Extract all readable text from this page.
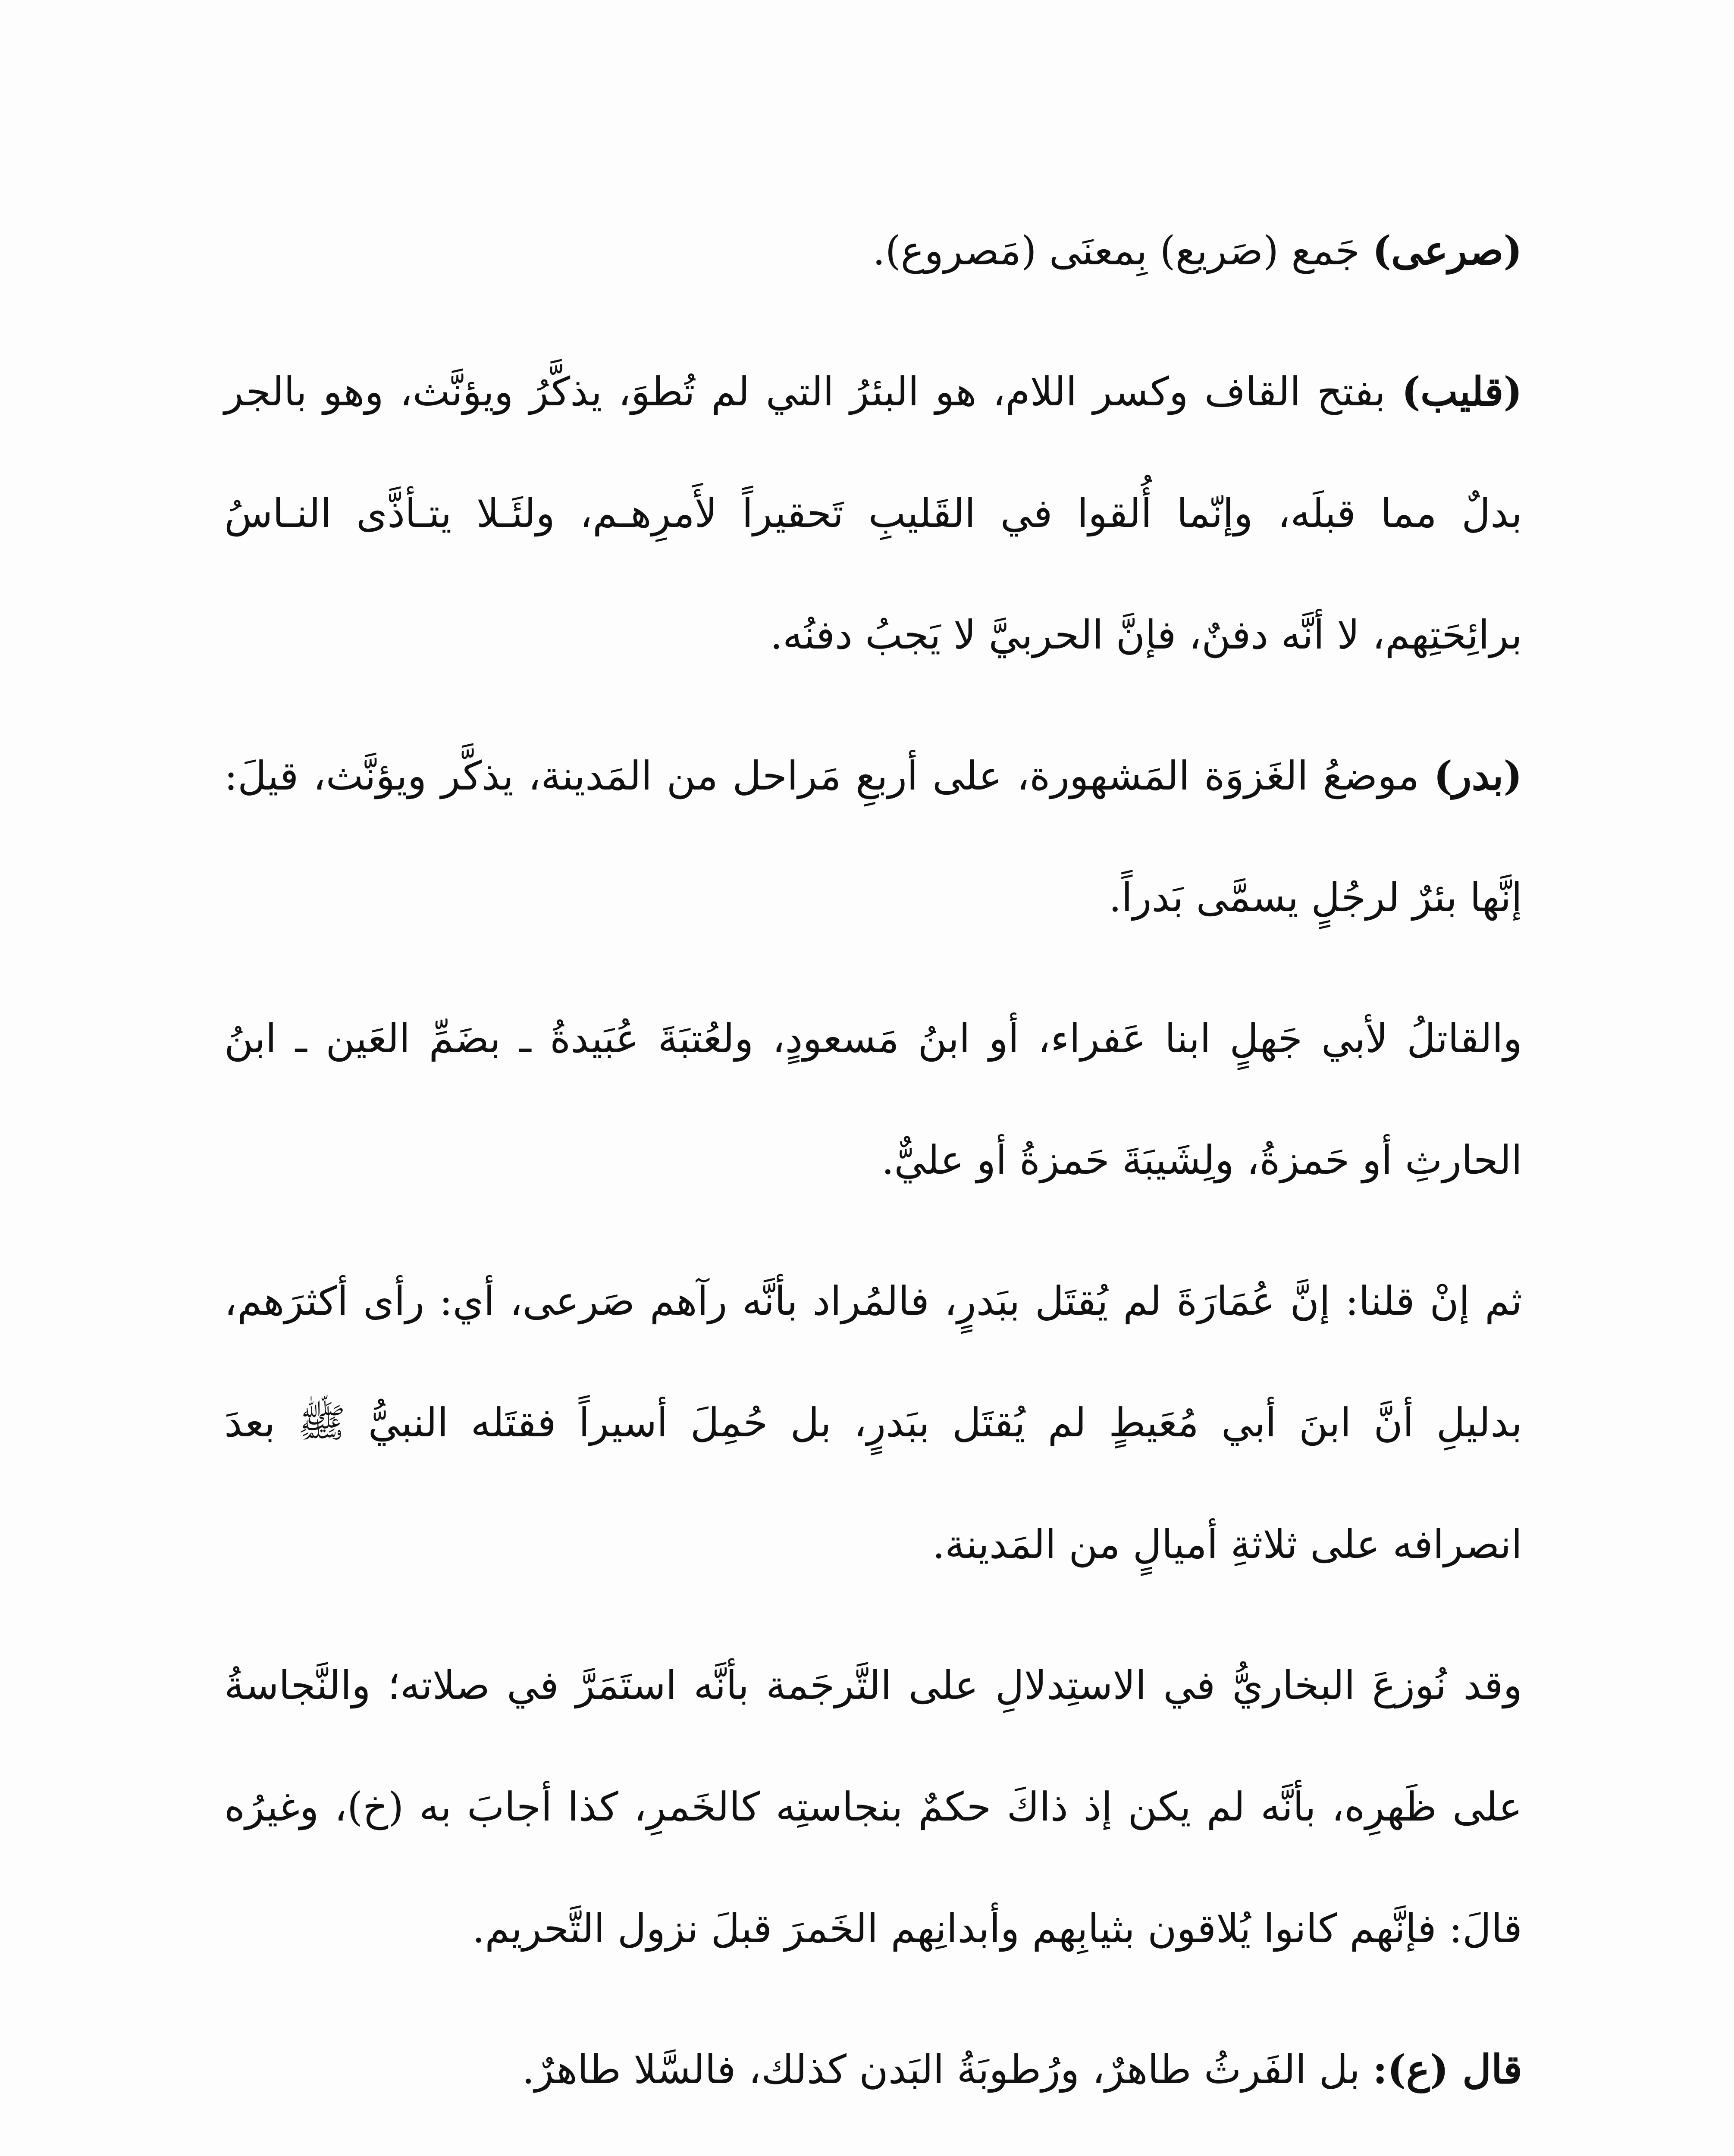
(صرعى) جَمع (صَريع) بِمعنَى (مَصروع).

(قليب) بفتح القاف وكسر اللام، هو البئرُ التي لم تُطوَ، يذكَّرُ ويؤنَّث، وهو بالجر بدلٌ مما قبلَه، وإنّما أُلقوا في القَليبِ تَحقيراً لأَمرِهـم، ولئَـلا يتـأذَّى النـاسُ برائِحَتِهم، لا أنَّه دفنٌ، فإنَّ الحربيَّ لا يَجبُ دفنُه.

(بدر) موضعُ الغَزوَة المَشهورة، على أربعِ مَراحل من المَدينة، يذكَّر ويؤنَّث، قيلَ: إنَّها بئرٌ لرجُلٍ يسمَّى بَدراً.

والقاتلُ لأبي جَهلٍ ابنا عَفراء، أو ابنُ مَسعودٍ، ولعُتبَةَ عُبَيدةُ ـ بضَمِّ العَين ـ ابنُ الحارثِ أو حَمزةُ، ولِشَيبَةَ حَمزةُ أو عليٌّ.

ثم إنْ قلنا: إنَّ عُمَارَةَ لم يُقتَل ببَدرٍ، فالمُراد بأنَّه رآهم صَرعى، أي: رأى أكثرَهم، بدليلِ أنَّ ابنَ أبي مُعَيطٍ لم يُقتَل ببَدرٍ، بل حُمِلَ أسيراً فقتَله النبيُّ ﷺ بعدَ انصرافه على ثلاثةِ أميالٍ من المَدينة.

وقد نُوزعَ البخاريُّ في الاستِدلالِ على التَّرجَمة بأنَّه استَمَرَّ في صلاته؛ والنَّجاسةُ على ظَهرِه، بأنَّه لم يكن إذ ذاكَ حكمٌ بنجاستِه كالخَمرِ، كذا أجابَ به (خ)، وغيرُه قالَ: فإنَّهم كانوا يُلاقون بثيابِهم وأبدانِهم الخَمرَ قبلَ نزول التَّحريم.

قال (ع): بل الفَرثُ طاهرٌ، ورُطوبَةُ البَدن كذلك، فالسَّلا طاهرٌ.
